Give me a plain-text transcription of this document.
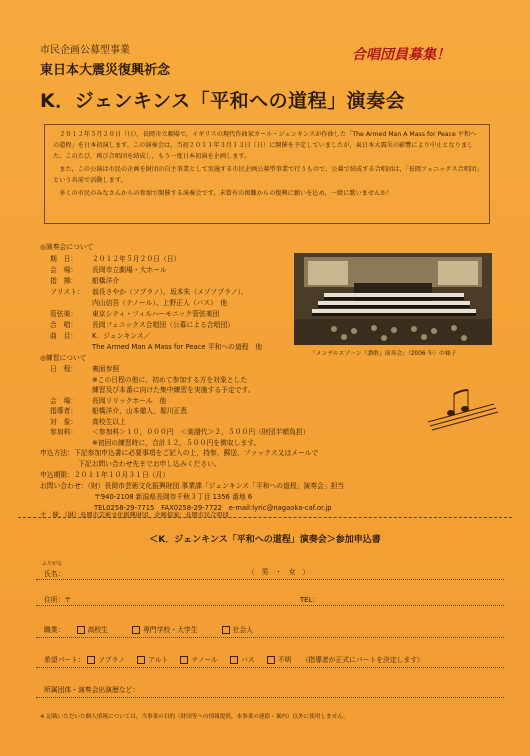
市民企画公募型事業
東日本大震災復興祈念
合唱団員募集！
K．ジェンキンス「平和への道程」演奏会

２０１２年５月２０日（日），長岡市立劇場で，イギリスの現代作曲家カール・ジェンキンスが作曲した「The Armed Man A Mass for Peace 平和への道程」を日本初演します。この演奏会は，当初２０１１年３月１３日（日）に開催を予定していましたが，東日本大震災の影響により中止となりました。このたび，再び合唱団を結成し，もう一度日本初演を企画します。

また，この公演は市民の企画を財団の自主事業として実施する市民企画公募型事業で行うもので，公募で結成する合唱団は，「長岡フェニックス合唱団」という名前で活動します。

多くの市民のみなさんからの参加で開催する演奏会です。未曾有の困難からの復興に願いを込め，一緒に歌いませんか！

◎演奏会について
期　日： ２０１２年５月２０日（日）
会　場： 長岡市立劇場・大ホール
指　揮： 船橋洋介
ソリスト： 翁長さやか（ソプラノ）、坂本朱（メゾソプラノ）、
内山信吾（テノール）、上野正人（バス）　他
管弦楽： 東京シティ・フィルハーモニック管弦楽団
合　唱： 長岡フェニックス合唱団（公募による合唱団）
曲　目： K．ジェンキンス／
The Armed Man A Mass for Peace 平和への道程　他
「メンデルスゾーン『讃歌』演奏会」（2006 年）の様子
◎練習について
日　程： 裏面参照
※この日程の他に，初めて参加する方を対象とした
練習及び本番に向けた集中練習を実施する予定です。
会　場： 長岡リリックホール　他
指導者： 船橋洋介，山本徹人，堀川正恵
対　象： 高校生以上
参加料： ＜参加料＞１０，０００円　＜楽譜代＞２，５００円（財団半額負担）
※初回の練習時に，合計１２，５００円を徴収します。
申込方法：下記参加申込書に必要事項をご記入の上，持参，郵送，ファックス又はメールで
下記お問い合わせ先までお申し込みください。
申込期限：２０１１年１０月３１日（月）
お問い合わせ：（財）長岡市芸術文化振興財団 事業課「ジェンキンス「平和への道程」演奏会」担当
〒940-2108 新潟県長岡市千秋３丁目 1356 番地 6
TEL0258-29-7715　FAX0258-29-7722　e-mail:lyric@nagaoka-caf.or.jp
主　催：（財）長岡市芸術文化振興財団　企画提案：長岡市民合唱団
＜K．ジェンキンス「平和への道程」演奏会＞参加申込書
ふりがな
氏名：	（　男　・　女　）
住所：〒	TEL：
職業：	高校生	専門学校・大学生	社会人
希望パート： ソプラノ	アルト	テノール	バス	不明 （指導者が正式にパートを決定します）
所属団体・演奏会出演歴など：
※ 記載いただいた個人情報については，当事業の目的（財団等への情報提供，本事業の連絡・案内）以外に使用しません。
